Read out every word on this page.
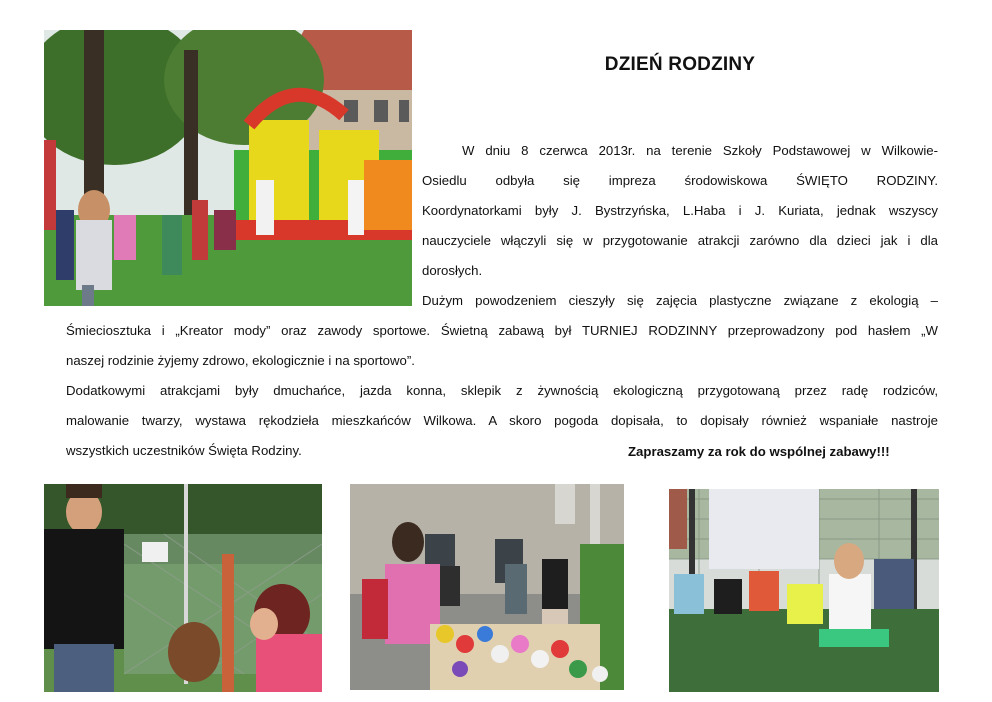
DZIEŃ RODZINY
W dniu 8 czerwca 2013r. na terenie Szkoły Podstawowej w Wilkowie-
Osiedlu odbyła się impreza środowiskowa ŚWIĘTO RODZINY.
Koordynatorkami były J. Bystrzyńska, L.Haba i J. Kuriata, jednak wszyscy
nauczyciele włączyli się w przygotowanie atrakcji zarówno dla dzieci jak i dla
dorosłych.
Dużym powodzeniem cieszyły się zajęcia plastyczne związane z ekologią –
Śmieciosztuka i „Kreator mody” oraz zawody sportowe. Świetną zabawą był TURNIEJ RODZINNY przeprowadzony pod hasłem „W
naszej rodzinie żyjemy zdrowo, ekologicznie i na sportowo”.
Dodatkowymi atrakcjami były dmuchańce, jazda konna, sklepik z żywnością ekologiczną przygotowaną przez radę rodziców,
malowanie twarzy, wystawa rękodzieła mieszkańców Wilkowa. A skoro pogoda dopisała, to dopisały również wspaniałe nastroje
wszystkich uczestników Święta Rodziny.	Zapraszamy za rok do wspólnej zabawy!!!
